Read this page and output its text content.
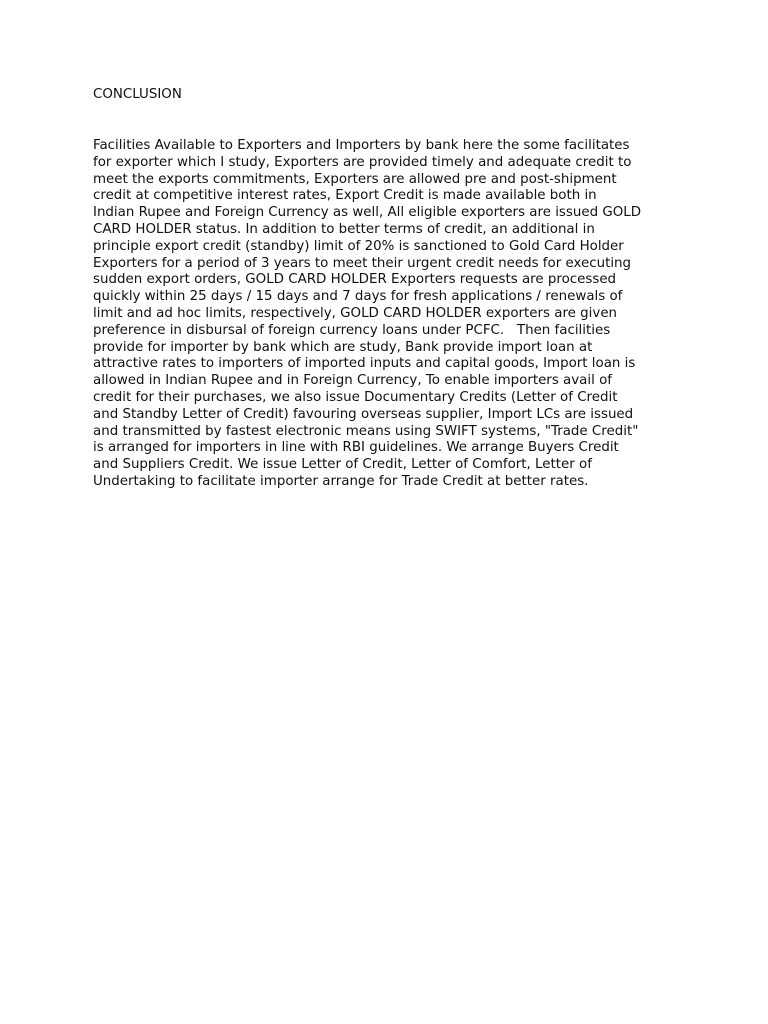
CONCLUSION
Facilities Available to Exporters and Importers by bank here the some facilitates
for exporter which I study, Exporters are provided timely and adequate credit to
meet the exports commitments, Exporters are allowed pre and post-shipment
credit at competitive interest rates, Export Credit is made available both in
Indian Rupee and Foreign Currency as well, All eligible exporters are issued GOLD
CARD HOLDER status. In addition to better terms of credit, an additional in
principle export credit (standby) limit of 20% is sanctioned to Gold Card Holder
Exporters for a period of 3 years to meet their urgent credit needs for executing
sudden export orders, GOLD CARD HOLDER Exporters requests are processed
quickly within 25 days / 15 days and 7 days for fresh applications / renewals of
limit and ad hoc limits, respectively, GOLD CARD HOLDER exporters are given
preference in disbursal of foreign currency loans under PCFC.   Then facilities
provide for importer by bank which are study, Bank provide import loan at
attractive rates to importers of imported inputs and capital goods, Import loan is
allowed in Indian Rupee and in Foreign Currency, To enable importers avail of
credit for their purchases, we also issue Documentary Credits (Letter of Credit
and Standby Letter of Credit) favouring overseas supplier, Import LCs are issued
and transmitted by fastest electronic means using SWIFT systems, "Trade Credit"
is arranged for importers in line with RBI guidelines. We arrange Buyers Credit
and Suppliers Credit. We issue Letter of Credit, Letter of Comfort, Letter of
Undertaking to facilitate importer arrange for Trade Credit at better rates.
